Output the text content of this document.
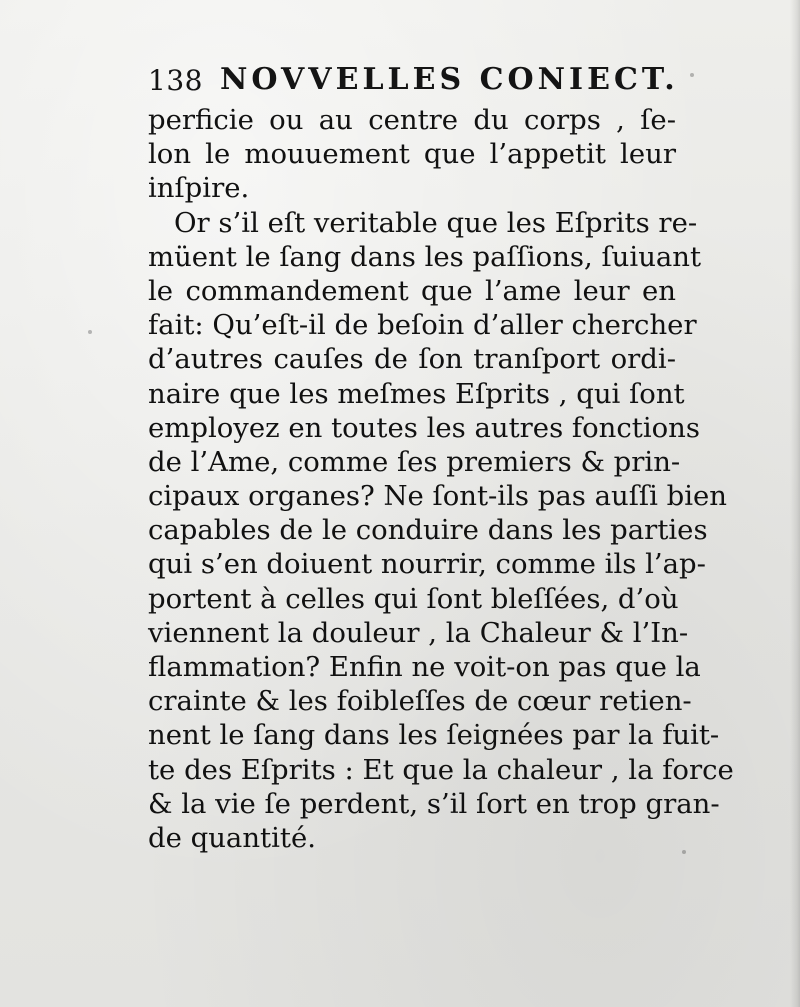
138 NOVVELLES CONIECT.
perficie ou au centre du corps , ſe-
lon le mouuement que l’appetit leur
inſpire.
Or s’il eſt veritable que les Eſprits re-
müent le ſang dans les paſſions, ſuiuant
le commandement que l’ame leur en
fait: Qu’eſt-il de beſoin d’aller chercher
d’autres cauſes de ſon tranſport ordi-
naire que les meſmes Eſprits , qui ſont
employez en toutes les autres fonctions
de l’Ame, comme ſes premiers & prin-
cipaux organes? Ne ſont-ils pas auſſi bien
capables de le conduire dans les parties
qui s’en doiuent nourrir, comme ils l’ap-
portent à celles qui ſont bleſſées, d’où
viennent la douleur , la Chaleur & l’In-
flammation? Enfin ne voit-on pas que la
crainte & les foibleſſes de cœur retien-
nent le ſang dans les ſeignées par la fuit-
te des Eſprits : Et que la chaleur , la force
& la vie ſe perdent, s’il ſort en trop gran-
de quantité.
